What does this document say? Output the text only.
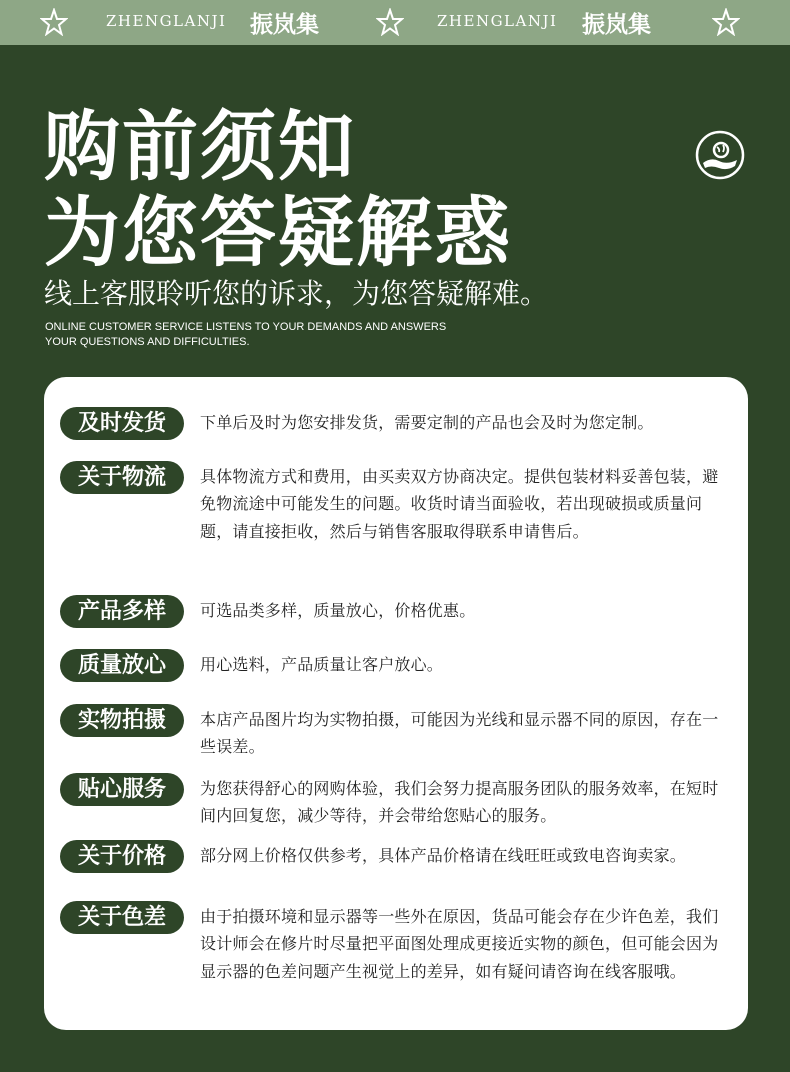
ZHENGLANJI 振岚集	ZHENGLANJI 振岚集
购前须知
为您答疑解惑
线上客服聆听您的诉求，为您答疑解难。
ONLINE CUSTOMER SERVICE LISTENS TO YOUR DEMANDS AND ANSWERS
YOUR QUESTIONS AND DIFFICULTIES.
及时发货	下单后及时为您安排发货，需要定制的产品也会及时为您定制。
关于物流	具体物流方式和费用，由买卖双方协商决定。提供包装材料妥善包装，避免物流途中可能发生的问题。收货时请当面验收，若出现破损或质量问题，请直接拒收，然后与销售客服取得联系申请售后。
产品多样	可选品类多样，质量放心，价格优惠。
质量放心	用心选料，产品质量让客户放心。
实物拍摄	本店产品图片均为实物拍摄，可能因为光线和显示器不同的原因，存在一些误差。
贴心服务	为您获得舒心的网购体验，我们会努力提高服务团队的服务效率，在短时间内回复您，减少等待，并会带给您贴心的服务。
关于价格	部分网上价格仅供参考，具体产品价格请在线旺旺或致电咨询卖家。
关于色差	由于拍摄环境和显示器等一些外在原因，货品可能会存在少许色差，我们设计师会在修片时尽量把平面图处理成更接近实物的颜色，但可能会因为显示器的色差问题产生视觉上的差异，如有疑问请咨询在线客服哦。
